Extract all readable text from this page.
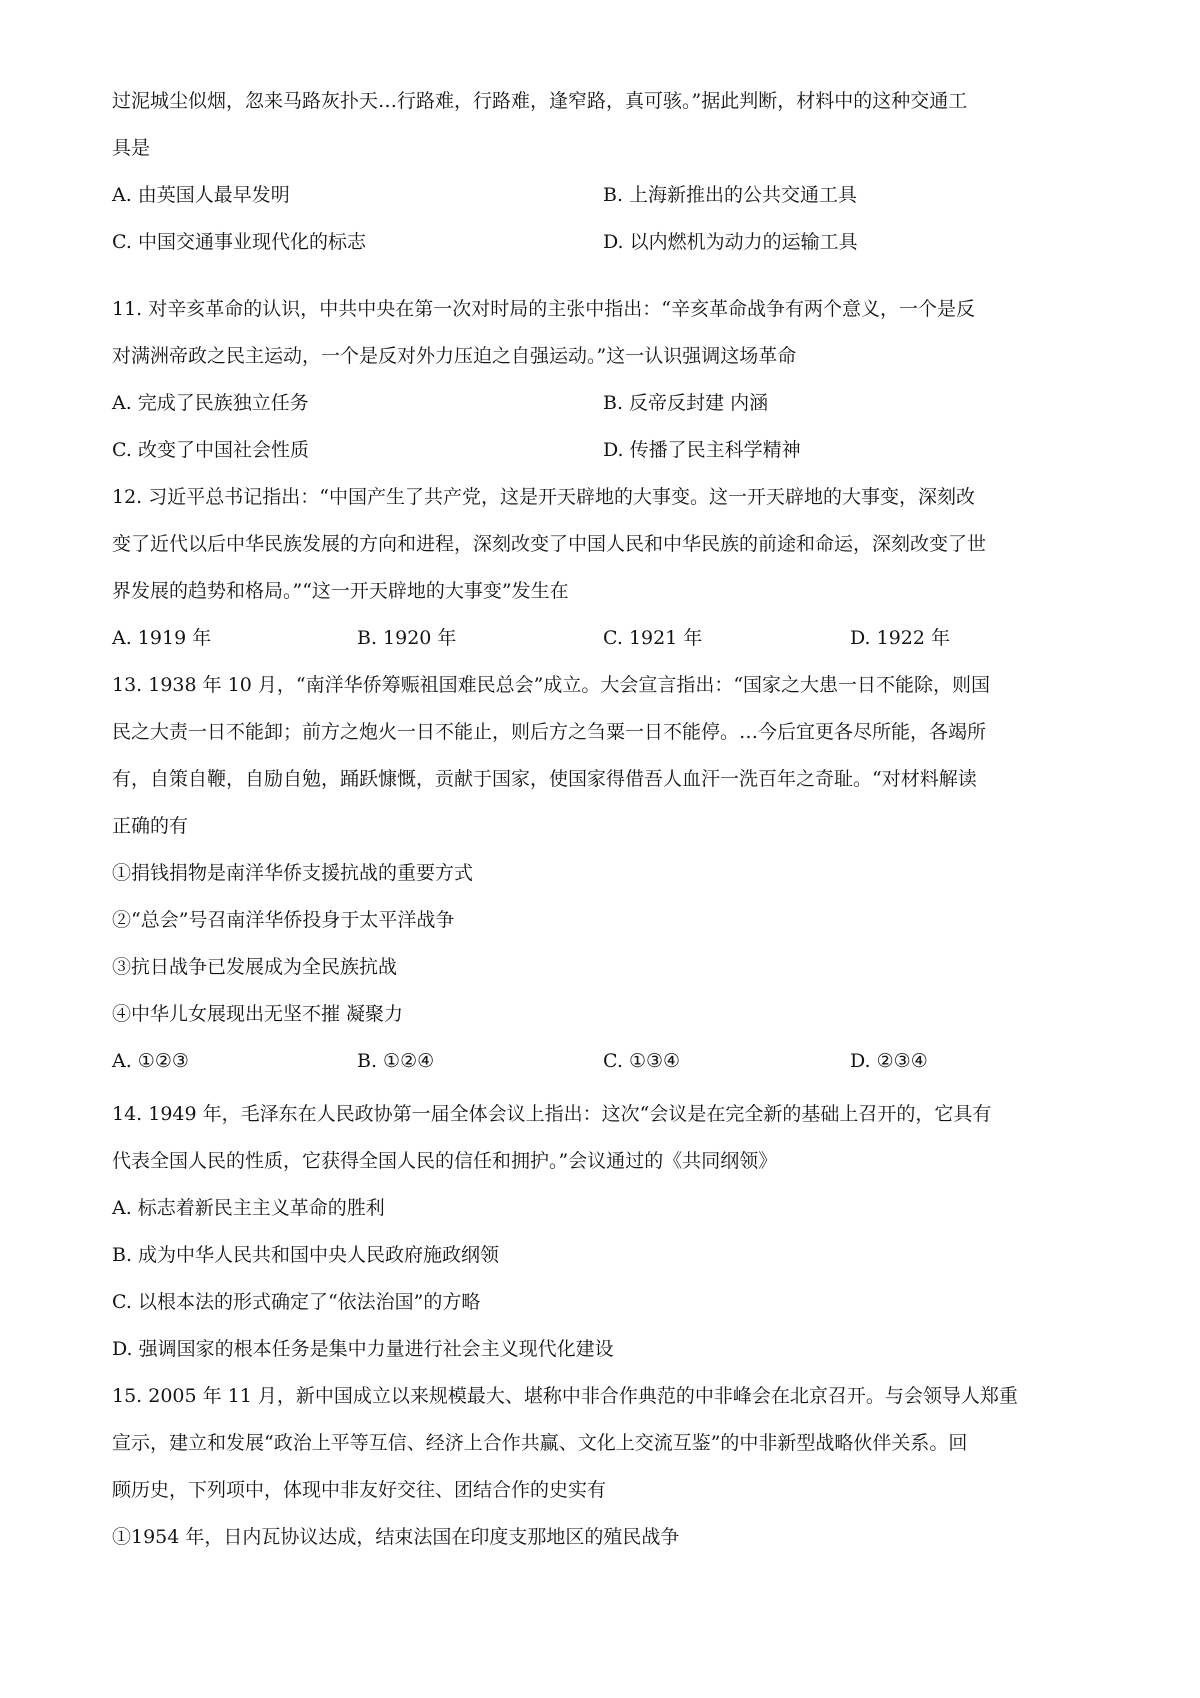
过泥城尘似烟，忽来马路灰扑天…行路难，行路难，逢窄路，真可骇。”据此判断，材料中的这种交通工
具是
A. 由英国人最早发明	B. 上海新推出的公共交通工具
C. 中国交通事业现代化的标志	D. 以内燃机为动力的运输工具
11. 对辛亥革命的认识，中共中央在第一次对时局的主张中指出：“辛亥革命战争有两个意义，一个是反
对满洲帝政之民主运动，一个是反对外力压迫之自强运动。”这一认识强调这场革命
A. 完成了民族独立任务	B. 反帝反封建 内涵
C. 改变了中国社会性质	D. 传播了民主科学精神
12. 习近平总书记指出：“中国产生了共产党，这是开天辟地的大事变。这一开天辟地的大事变，深刻改
变了近代以后中华民族发展的方向和进程，深刻改变了中国人民和中华民族的前途和命运，深刻改变了世
界发展的趋势和格局。”“这一开天辟地的大事变”发生在
A. 1919 年	B. 1920 年	C. 1921 年	D. 1922 年
13. 1938 年 10 月，“南洋华侨筹赈祖国难民总会”成立。大会宣言指出：“国家之大患一日不能除，则国
民之大责一日不能卸；前方之炮火一日不能止，则后方之刍粟一日不能停。…今后宜更各尽所能，各竭所
有，自策自鞭，自励自勉，踊跃慷慨，贡献于国家，使国家得借吾人血汗一洗百年之奇耻。“对材料解读
正确的有
①捐钱捐物是南洋华侨支援抗战的重要方式
②“总会”号召南洋华侨投身于太平洋战争
③抗日战争已发展成为全民族抗战
④中华儿女展现出无坚不摧 凝聚力
A. ①②③	B. ①②④	C. ①③④	D. ②③④
14. 1949 年，毛泽东在人民政协第一届全体会议上指出：这次“会议是在完全新的基础上召开的，它具有
代表全国人民的性质，它获得全国人民的信任和拥护。”会议通过的《共同纲领》
A. 标志着新民主主义革命的胜利
B. 成为中华人民共和国中央人民政府施政纲领
C. 以根本法的形式确定了“依法治国”的方略
D. 强调国家的根本任务是集中力量进行社会主义现代化建设
15. 2005 年 11 月，新中国成立以来规模最大、堪称中非合作典范的中非峰会在北京召开。与会领导人郑重
宣示，建立和发展“政治上平等互信、经济上合作共赢、文化上交流互鉴”的中非新型战略伙伴关系。回
顾历史，下列项中，体现中非友好交往、团结合作的史实有
①1954 年，日内瓦协议达成，结束法国在印度支那地区的殖民战争
